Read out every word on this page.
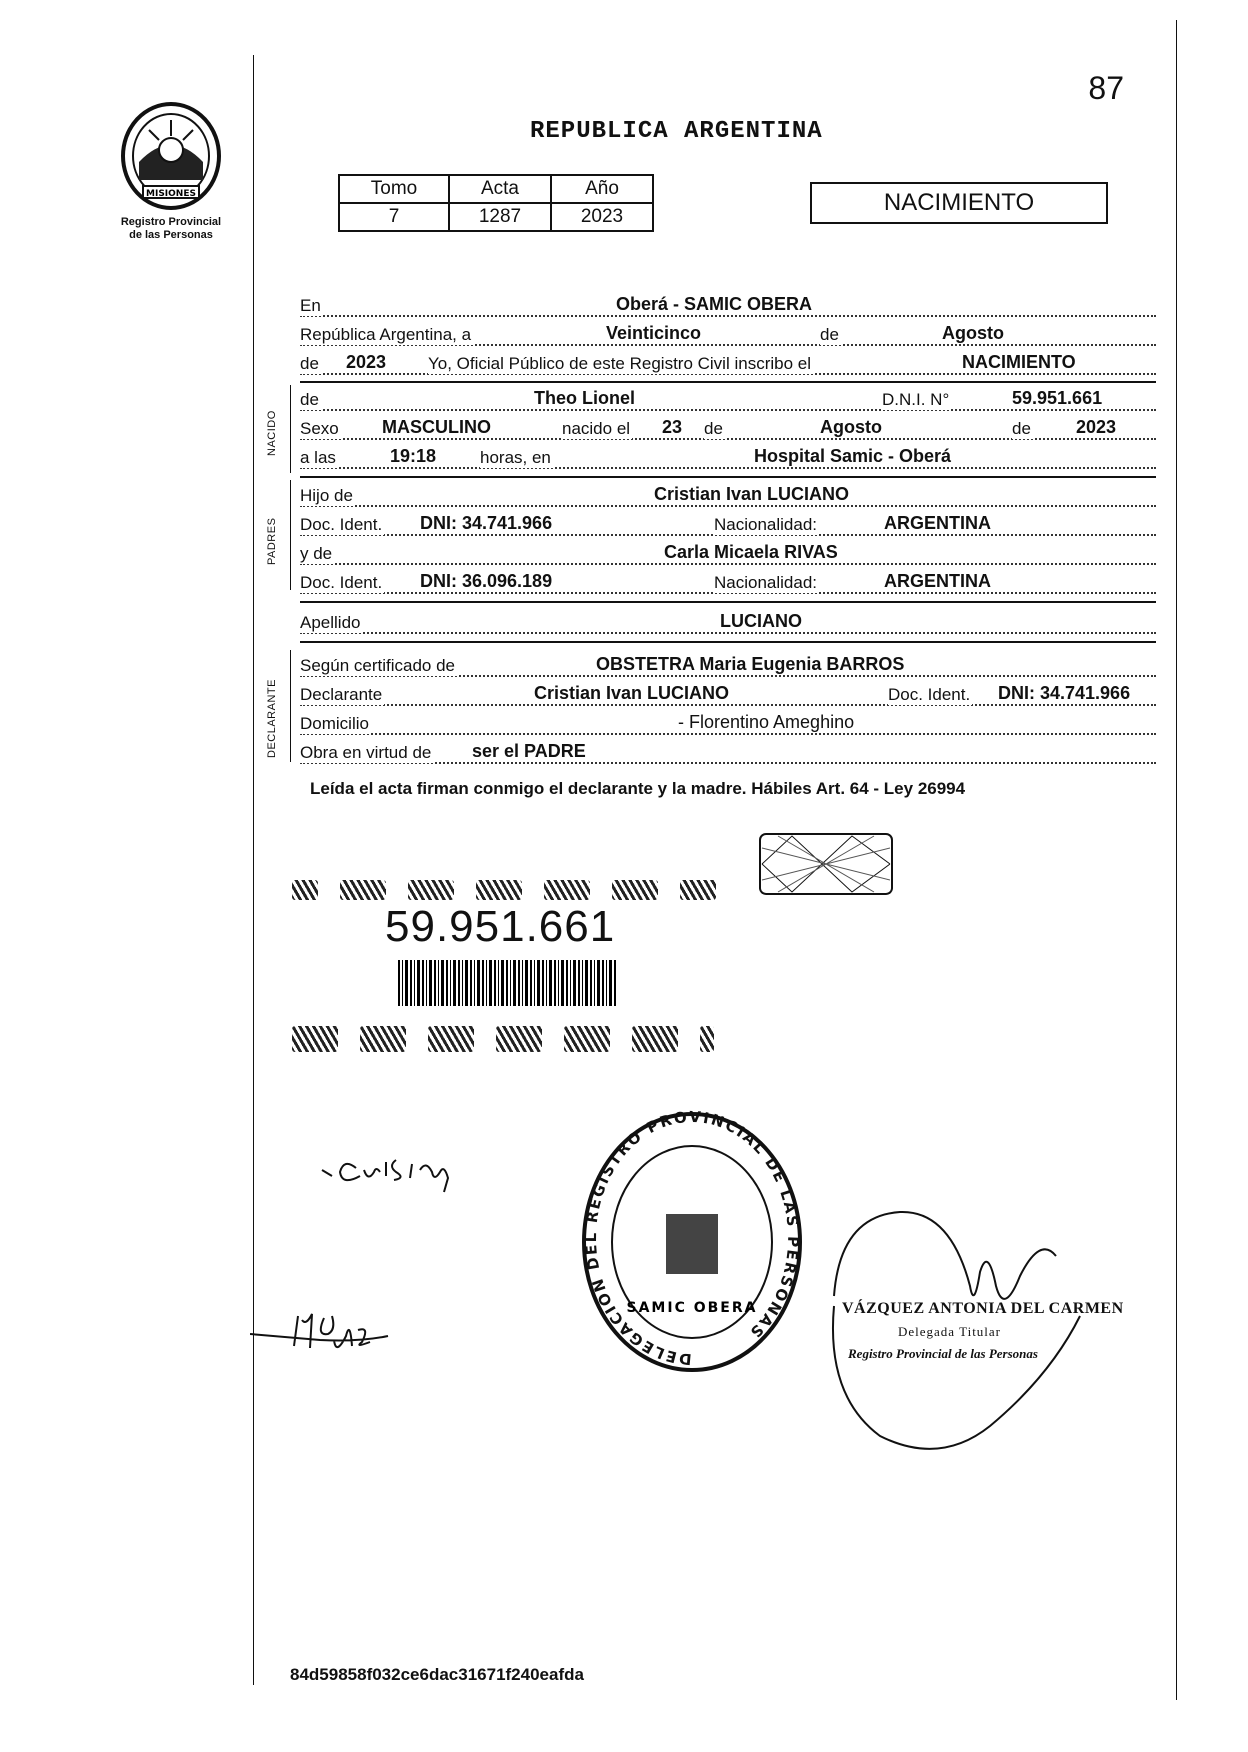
MISIONES
Registro Provincial
de las Personas
87
REPUBLICA ARGENTINA
Tomo	Acta	Año
7	1287	2023
NACIMIENTO
En	Oberá - SAMIC OBERA
República Argentina, a	Veinticinco	de	Agosto
de 2023 Yo, Oficial Público de este Registro Civil inscribo el	NACIMIENTO
NACIDO
de	Theo Lionel	D.N.I. N°	59.951.661
Sexo MASCULINO	nacido el 23 de	Agosto	de	2023
a las	19:18	horas, en	Hospital Samic - Oberá
PADRES
Hijo de	Cristian Ivan LUCIANO
Doc. Ident. DNI: 34.741.966	Nacionalidad:	ARGENTINA
y de	Carla Micaela RIVAS
Doc. Ident. DNI: 36.096.189	Nacionalidad:	ARGENTINA
Apellido	LUCIANO
DECLARANTE
Según certificado de	OBSTETRA Maria Eugenia BARROS
Declarante	Cristian Ivan LUCIANO	Doc. Ident. DNI: 34.741.966
Domicilio	- Florentino Ameghino
Obra en virtud de ser el PADRE
Leída el acta firman conmigo el declarante y la madre. Hábiles Art. 64 - Ley 26994
59.951.661
DELEGACIÓN DEL REGISTRO PROVINCIAL DE LAS PERSONAS
SAMIC OBERA	VÁZQUEZ ANTONIA DEL CARMEN
Delegada Titular
Registro Provincial de las Personas
84d59858f032ce6dac31671f240eafda
